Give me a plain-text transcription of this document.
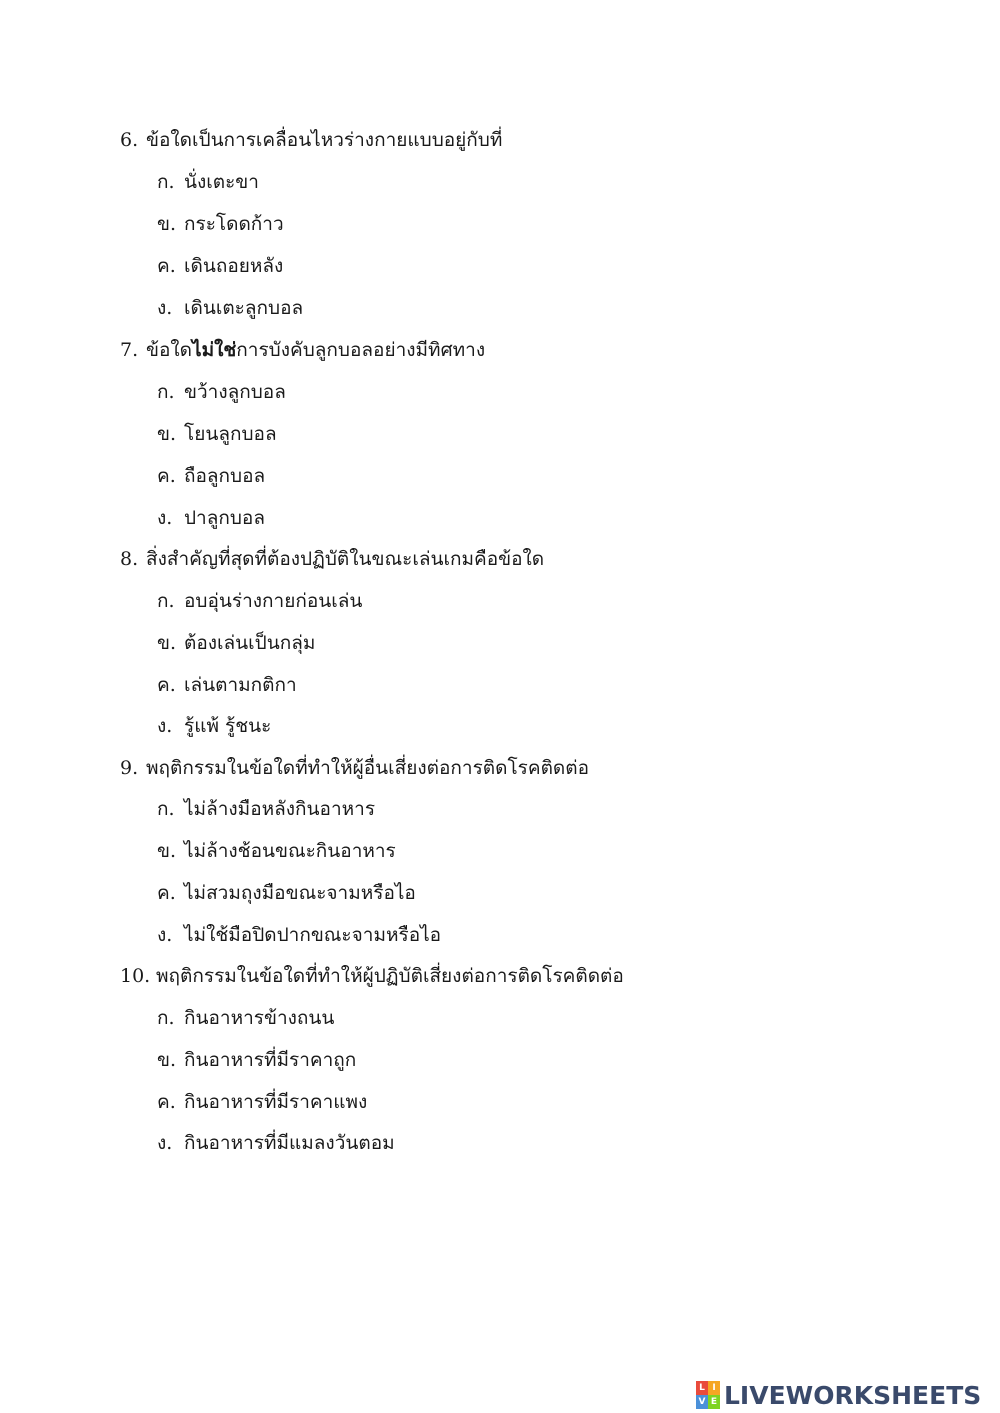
6. ข้อใดเป็นการเคลื่อนไหวร่างกายแบบอยู่กับที่
ก. นั่งเตะขา
ข. กระโดดก้าว
ค. เดินถอยหลัง
ง. เดินเตะลูกบอล
7. ข้อใดไม่ใช่การบังคับลูกบอลอย่างมีทิศทาง
ก. ขว้างลูกบอล
ข. โยนลูกบอล
ค. ถือลูกบอล
ง. ปาลูกบอล
8. สิ่งสำคัญที่สุดที่ต้องปฏิบัติในขณะเล่นเกมคือข้อใด
ก. อบอุ่นร่างกายก่อนเล่น
ข. ต้องเล่นเป็นกลุ่ม
ค. เล่นตามกติกา
ง. รู้แพ้ รู้ชนะ
9. พฤติกรรมในข้อใดที่ทำให้ผู้อื่นเสี่ยงต่อการติดโรคติดต่อ
ก. ไม่ล้างมือหลังกินอาหาร
ข. ไม่ล้างช้อนขณะกินอาหาร
ค. ไม่สวมถุงมือขณะจามหรือไอ
ง. ไม่ใช้มือปิดปากขณะจามหรือไอ
10. พฤติกรรมในข้อใดที่ทำให้ผู้ปฏิบัติเสี่ยงต่อการติดโรคติดต่อ
ก. กินอาหารข้างถนน
ข. กินอาหารที่มีราคาถูก
ค. กินอาหารที่มีราคาแพง
ง. กินอาหารที่มีแมลงวันตอม
L I
V E LIVEWORKSHEETS
